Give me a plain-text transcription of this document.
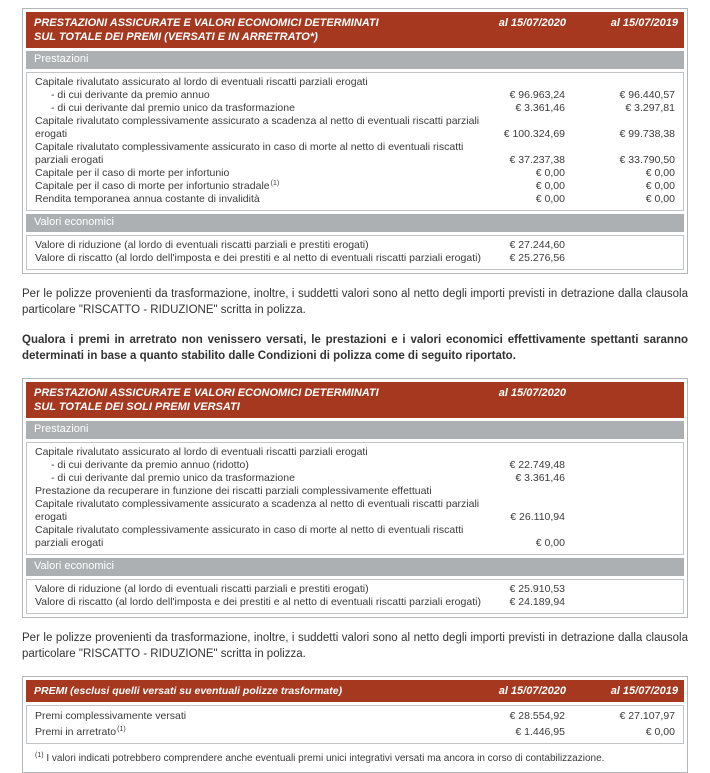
PRESTAZIONI ASSICURATE E VALORI ECONOMICI DETERMINATI
SUL TOTALE DEI PREMI (VERSATI E IN ARRETRATO*)
al 15/07/2020	al 15/07/2019
Prestazioni
Capitale rivalutato assicurato al lordo di eventuali riscatti parziali erogati
- di cui derivante da premio annuo	€ 96.963,24	€ 96.440,57
- di cui derivante dal premio unico da trasformazione	€ 3.361,46	€ 3.297,81
Capitale rivalutato complessivamente assicurato a scadenza al netto di eventuali riscatti parziali erogati	€ 100.324,69	€ 99.738,38
Capitale rivalutato complessivamente assicurato in caso di morte al netto di eventuali riscatti parziali erogati	€ 37.237,38	€ 33.790,50
Capitale per il caso di morte per infortunio	€ 0,00	€ 0,00
Capitale per il caso di morte per infortunio stradale$^{(1)}$	€ 0,00	€ 0,00
Rendita temporanea annua costante di invalidità	€ 0,00	€ 0,00
Valori economici
Valore di riduzione (al lordo di eventuali riscatti parziali e prestiti erogati)	€ 27.244,60
Valore di riscatto (al lordo dell'imposta e dei prestiti e al netto di eventuali riscatti parziali erogati)	€ 25.276,56

Per le polizze provenienti da trasformazione, inoltre, i suddetti valori sono al netto degli importi previsti in detrazione dalla clausola particolare "RISCATTO - RIDUZIONE" scritta in polizza.

Qualora i premi in arretrato non venissero versati, le prestazioni e i valori economici effettivamente spettanti saranno determinati in base a quanto stabilito dalle Condizioni di polizza come di seguito riportato.

PRESTAZIONI ASSICURATE E VALORI ECONOMICI DETERMINATI
SUL TOTALE DEI SOLI PREMI VERSATI
al 15/07/2020
Prestazioni
Capitale rivalutato assicurato al lordo di eventuali riscatti parziali erogati
- di cui derivante da premio annuo (ridotto)	€ 22.749,48
- di cui derivante dal premio unico da trasformazione	€ 3.361,46
Prestazione da recuperare in funzione dei riscatti parziali complessivamente effettuati
Capitale rivalutato complessivamente assicurato a scadenza al netto di eventuali riscatti parziali erogati	€ 26.110,94
Capitale rivalutato complessivamente assicurato in caso di morte al netto di eventuali riscatti parziali erogati	€ 0,00
Valori economici
Valore di riduzione (al lordo di eventuali riscatti parziali e prestiti erogati)	€ 25.910,53
Valore di riscatto (al lordo dell'imposta e dei prestiti e al netto di eventuali riscatti parziali erogati)	€ 24.189,94

Per le polizze provenienti da trasformazione, inoltre, i suddetti valori sono al netto degli importi previsti in detrazione dalla clausola particolare "RISCATTO - RIDUZIONE" scritta in polizza.

PREMI (esclusi quelli versati su eventuali polizze trasformate)	al 15/07/2020	al 15/07/2019
Premi complessivamente versati	€ 28.554,92	€ 27.107,97
Premi in arretrato$^{(1)}$	€ 1.446,95	€ 0,00
$^{(1)}$ I valori indicati potrebbero comprendere anche eventuali premi unici integrativi versati ma ancora in corso di contabilizzazione.
